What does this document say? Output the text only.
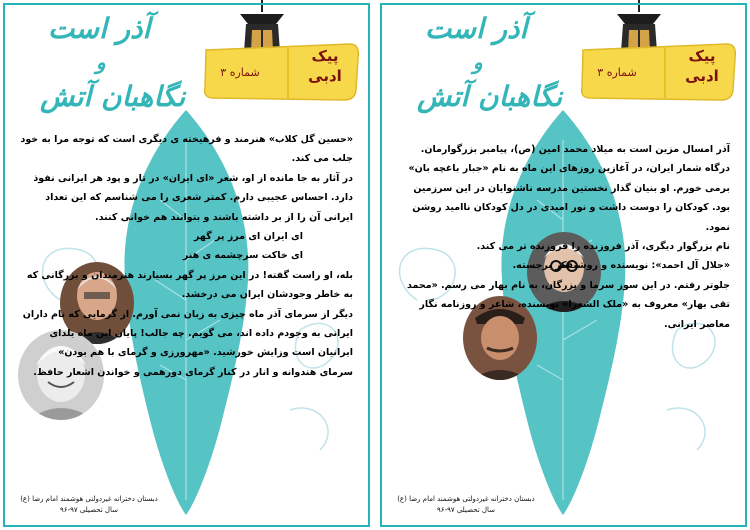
آذر است
و
نگاهبان آتش
پیک ادبی
شماره ۳

«حسین گل کلاب» هنرمند و فرهیخته ی دیگری است که توجه مرا به خود جلب می کند.

در آثار به جا مانده از او، شعر «ای ایران» در تار و پود هر ایرانی نفوذ دارد. احساس عجیبی دارم. کمتر شعری را می شناسم که این تعداد ایرانی آن را از بر داشته باشند و بتوانند هم خوانی کنند.

ای ایران ای مرز پر گهر

ای خاکت سرچشمه ی هنر

بله، او راست گفته! در این مرز پر گهر بسیارند هنرمندان و بزرگانی که به خاطر وجودشان ایران می درخشد.

دیگر از سرمای آذر ماه چیزی به زبان نمی آورم. از گرمایی که نام داران ایرانی به وجودم داده اند، می گویم. چه جالب! پایان این ماه یلدای ایرانیان است وزایش خورشید. «مهرورزی و گرمای با هم بودن»

سرمای هندوانه و انار در کنار گرمای دورهمی و خواندن اشعار حافظ.

دبستان دخترانه غیردولتی هوشمند امام رضا (ع)
سال تحصیلی ۹۷-۹۶
آذر است
و
نگاهبان آتش
پیک ادبی
شماره ۳

آذر امسال مزین است به میلاد محمد امین (ص)، پیامبر بزرگوارمان.

درگاه شمار ایران، در آغازین روزهای این ماه به نام «جبار باغچه بان» برمی خورم. او بنیان گذار نخستین مدرسه ناشنوایان در این سرزمین بود. کودکان را دوست داشت و نور امیدی در دل کودکان ناامید روشن نمود.

نام بزرگوار دیگری، آذر فروزنده را فروزنده تر می کند.

«جلال آل احمد»: نویسنده و روشنفکر برجسته.

جلوتر رفتم. در این سوز سرما و بزرگان، به نام بهار می رسم. «محمد تقی بهار» معروف به «ملک الشعرا» نویسنده، شاعر و روزنامه نگار معاصر ایرانی.

دبستان دخترانه غیردولتی هوشمند امام رضا (ع)
سال تحصیلی ۹۷-۹۶
